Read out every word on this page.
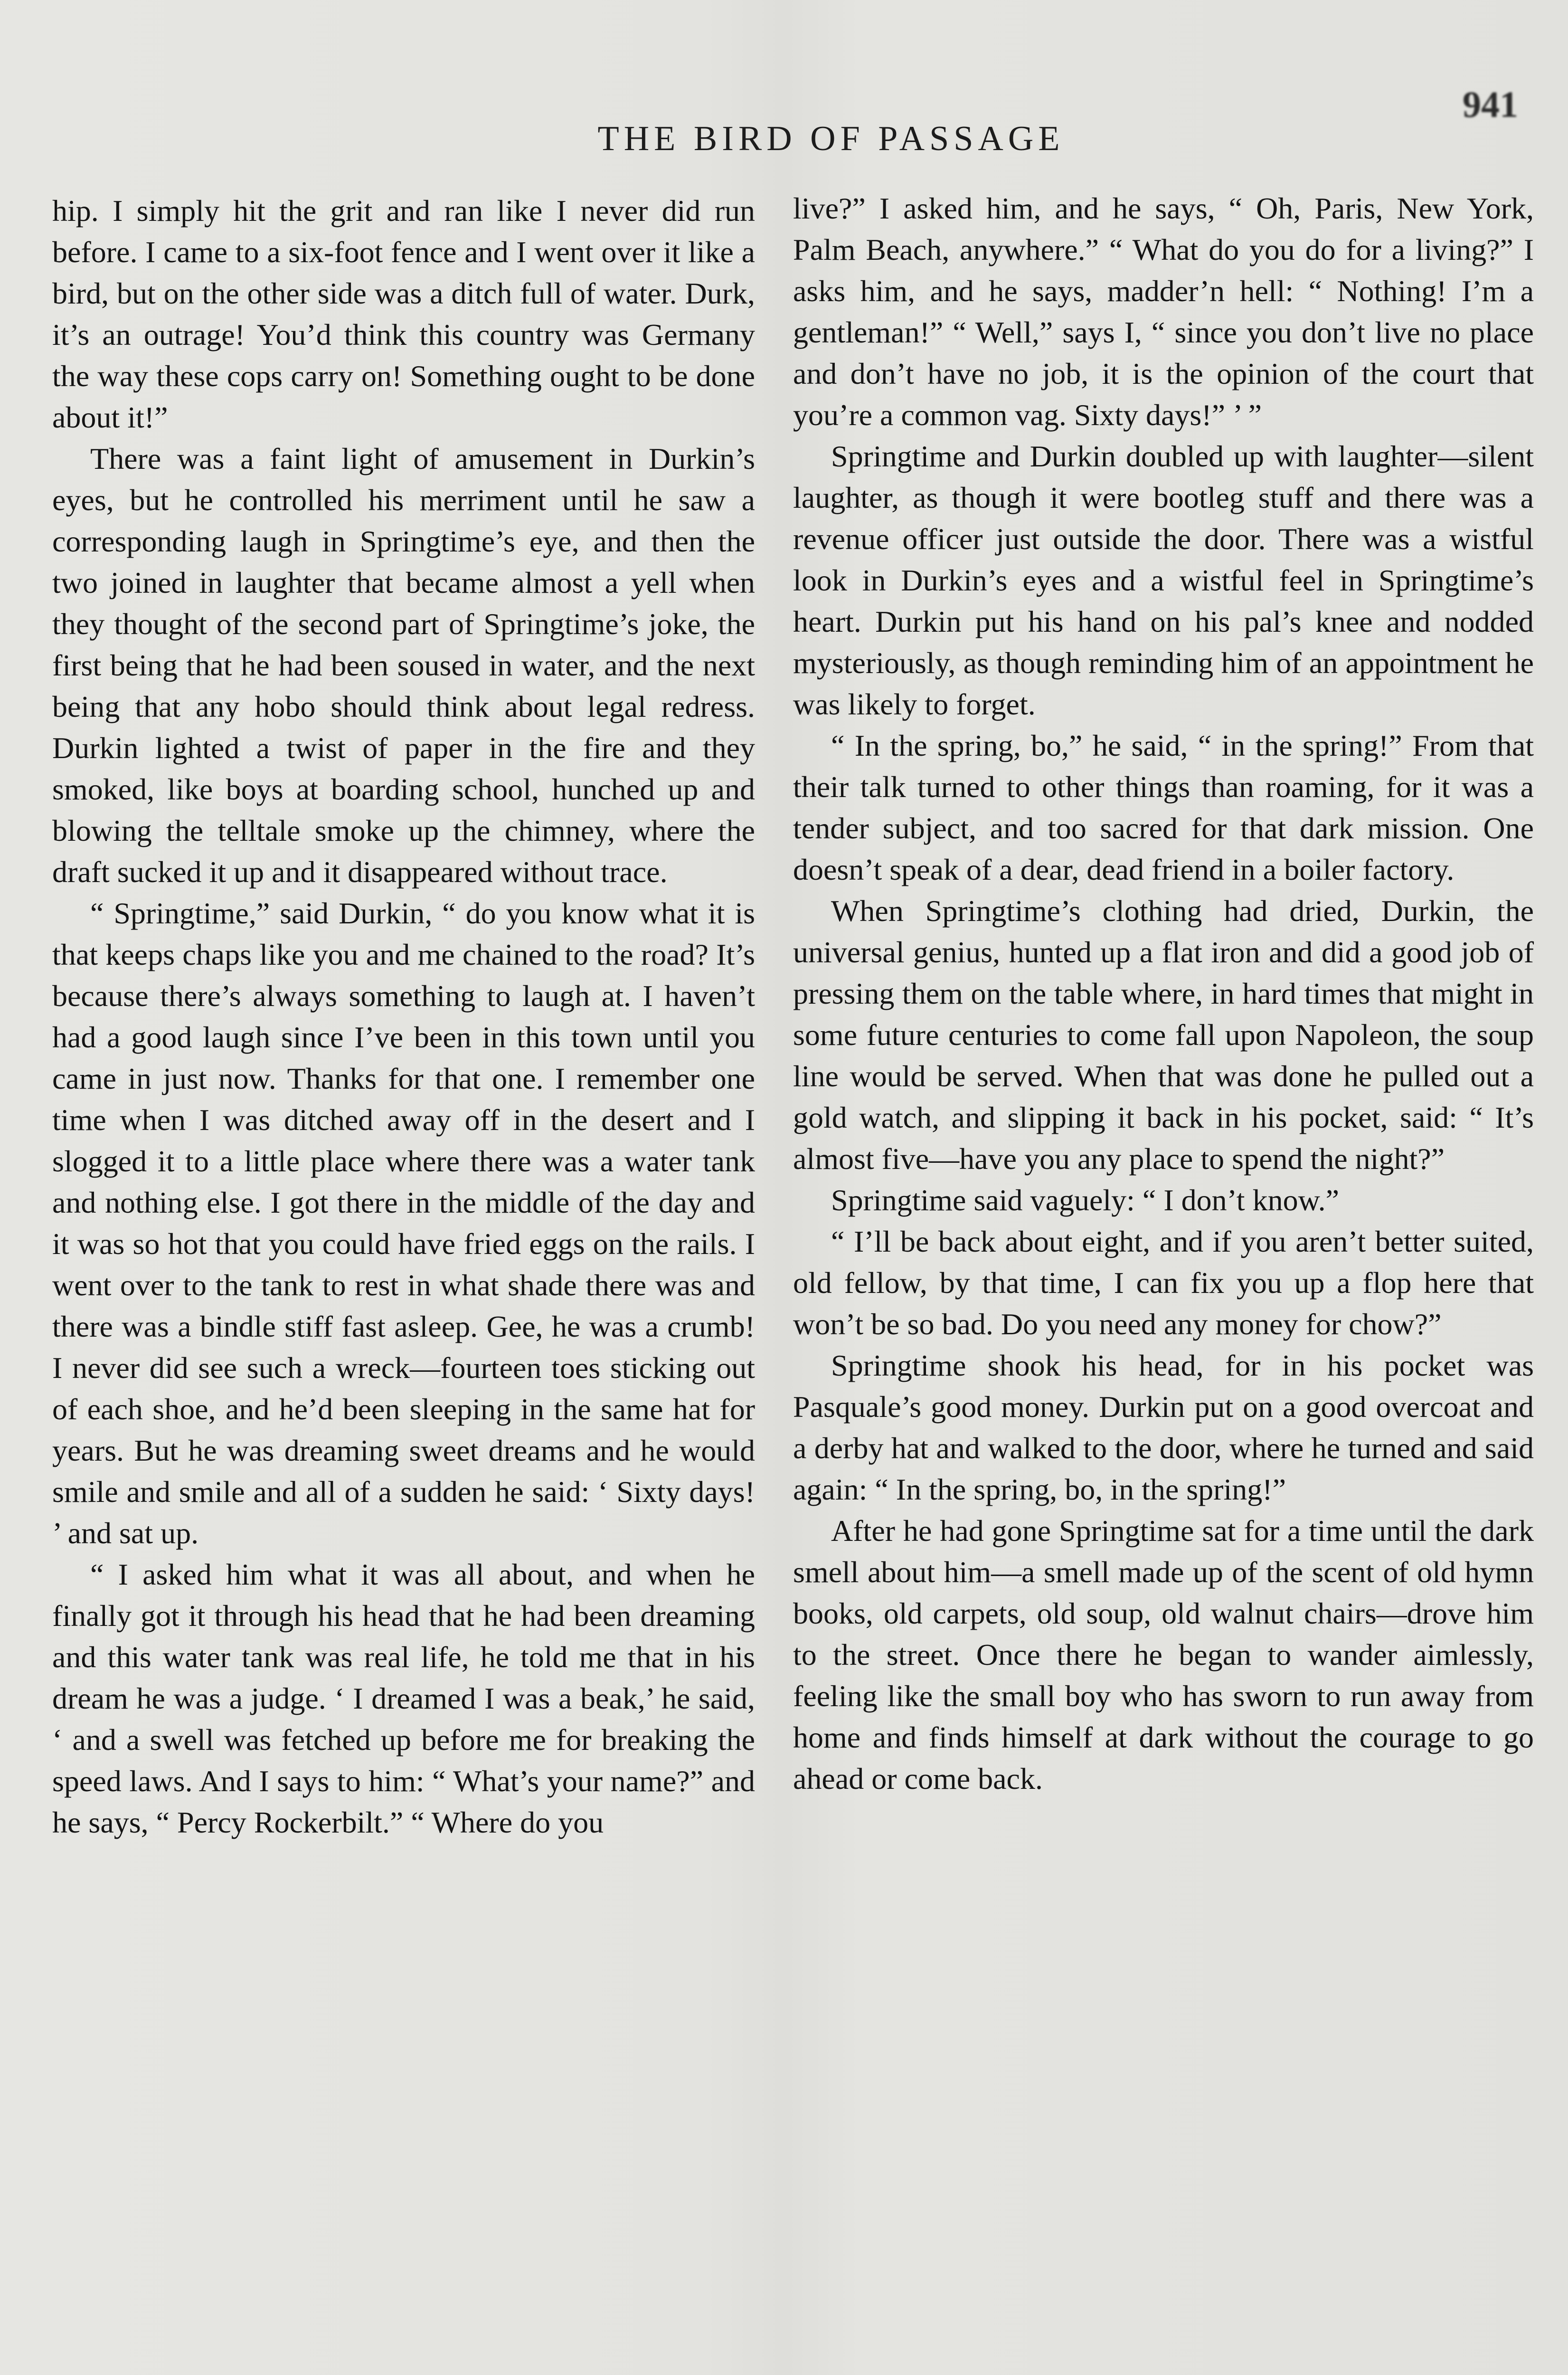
THE BIRD OF PASSAGE
941

hip. I simply hit the grit and ran like I never did run before. I came to a six-foot fence and I went over it like a bird, but on the other side was a ditch full of water. Durk, it’s an outrage! You’d think this country was Germany the way these cops carry on! Something ought to be done about it!”

There was a faint light of amusement in Durkin’s eyes, but he controlled his merriment until he saw a corresponding laugh in Springtime’s eye, and then the two joined in laughter that became almost a yell when they thought of the second part of Springtime’s joke, the first being that he had been soused in water, and the next being that any hobo should think about legal redress. Durkin lighted a twist of paper in the fire and they smoked, like boys at boarding school, hunched up and blowing the telltale smoke up the chimney, where the draft sucked it up and it disappeared without trace.

“ Springtime,” said Durkin, “ do you know what it is that keeps chaps like you and me chained to the road? It’s because there’s always something to laugh at. I haven’t had a good laugh since I’ve been in this town until you came in just now. Thanks for that one. I remember one time when I was ditched away off in the desert and I slogged it to a little place where there was a water tank and nothing else. I got there in the middle of the day and it was so hot that you could have fried eggs on the rails. I went over to the tank to rest in what shade there was and there was a bindle stiff fast asleep. Gee, he was a crumb! I never did see such a wreck—fourteen toes sticking out of each shoe, and he’d been sleeping in the same hat for years. But he was dreaming sweet dreams and he would smile and smile and all of a sudden he said: ‘ Sixty days! ’ and sat up.

“ I asked him what it was all about, and when he finally got it through his head that he had been dreaming and this water tank was real life, he told me that in his dream he was a judge. ‘ I dreamed I was a beak,’ he said, ‘ and a swell was fetched up before me for breaking the speed laws. And I says to him: “ What’s your name?” and he says, “ Percy Rockerbilt.” “ Where do you

live?” I asked him, and he says, “ Oh, Paris, New York, Palm Beach, anywhere.” “ What do you do for a living?” I asks him, and he says, madder’n hell: “ Nothing! I’m a gentleman!” “ Well,” says I, “ since you don’t live no place and don’t have no job, it is the opinion of the court that you’re a common vag. Sixty days!” ’ ”

Springtime and Durkin doubled up with laughter—silent laughter, as though it were bootleg stuff and there was a revenue officer just outside the door. There was a wistful look in Durkin’s eyes and a wistful feel in Springtime’s heart. Durkin put his hand on his pal’s knee and nodded mysteriously, as though reminding him of an appointment he was likely to forget.

“ In the spring, bo,” he said, “ in the spring!” From that their talk turned to other things than roaming, for it was a tender subject, and too sacred for that dark mission. One doesn’t speak of a dear, dead friend in a boiler factory.

When Springtime’s clothing had dried, Durkin, the universal genius, hunted up a flat iron and did a good job of pressing them on the table where, in hard times that might in some future centuries to come fall upon Napoleon, the soup line would be served. When that was done he pulled out a gold watch, and slipping it back in his pocket, said: “ It’s almost five—have you any place to spend the night?”

Springtime said vaguely: “ I don’t know.”

“ I’ll be back about eight, and if you aren’t better suited, old fellow, by that time, I can fix you up a flop here that won’t be so bad. Do you need any money for chow?”

Springtime shook his head, for in his pocket was Pasquale’s good money. Durkin put on a good overcoat and a derby hat and walked to the door, where he turned and said again: “ In the spring, bo, in the spring!”

After he had gone Springtime sat for a time until the dark smell about him—a smell made up of the scent of old hymn books, old carpets, old soup, old walnut chairs—drove him to the street. Once there he began to wander aimlessly, feeling like the small boy who has sworn to run away from home and finds himself at dark without the courage to go ahead or come back.
